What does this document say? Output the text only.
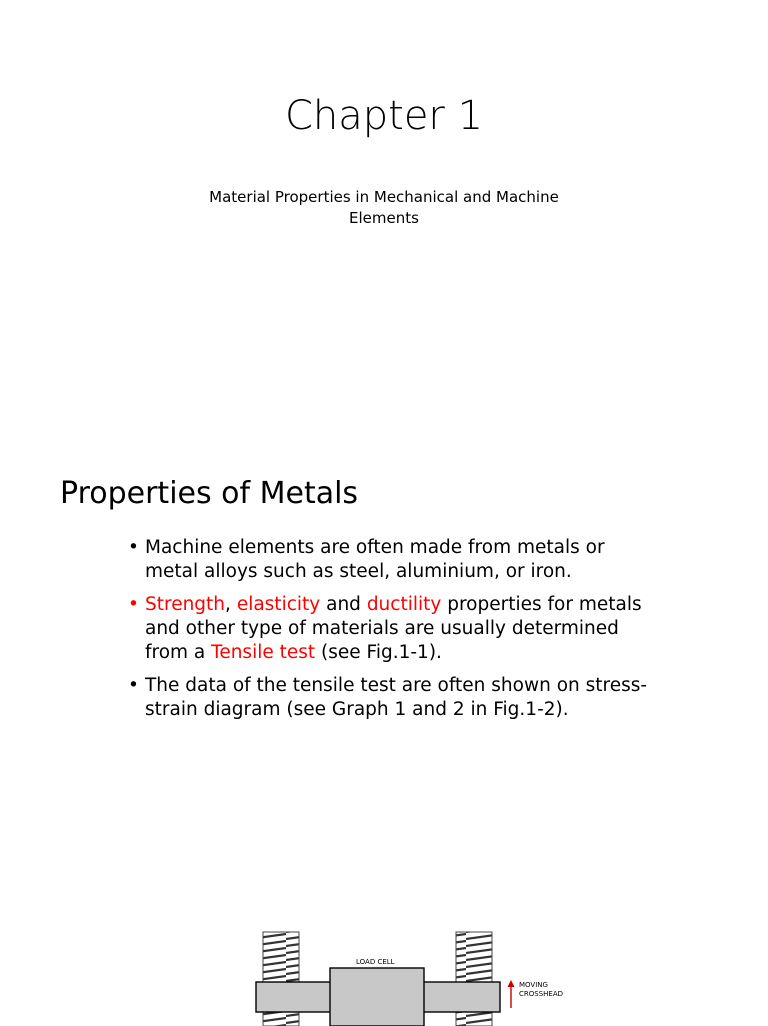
Chapter 1
Material Properties in Mechanical and Machine
Elements
Properties of Metals
• Machine elements are often made from metals or
metal alloys such as steel, aluminium, or iron.
• Strength, elasticity and ductility properties for metals
and other type of materials are usually determined
from a Tensile test (see Fig.1-1).
• The data of the tensile test are often shown on stress-
strain diagram (see Graph 1 and 2 in Fig.1-2).
LOAD CELL
MOVING
CROSSHEAD
